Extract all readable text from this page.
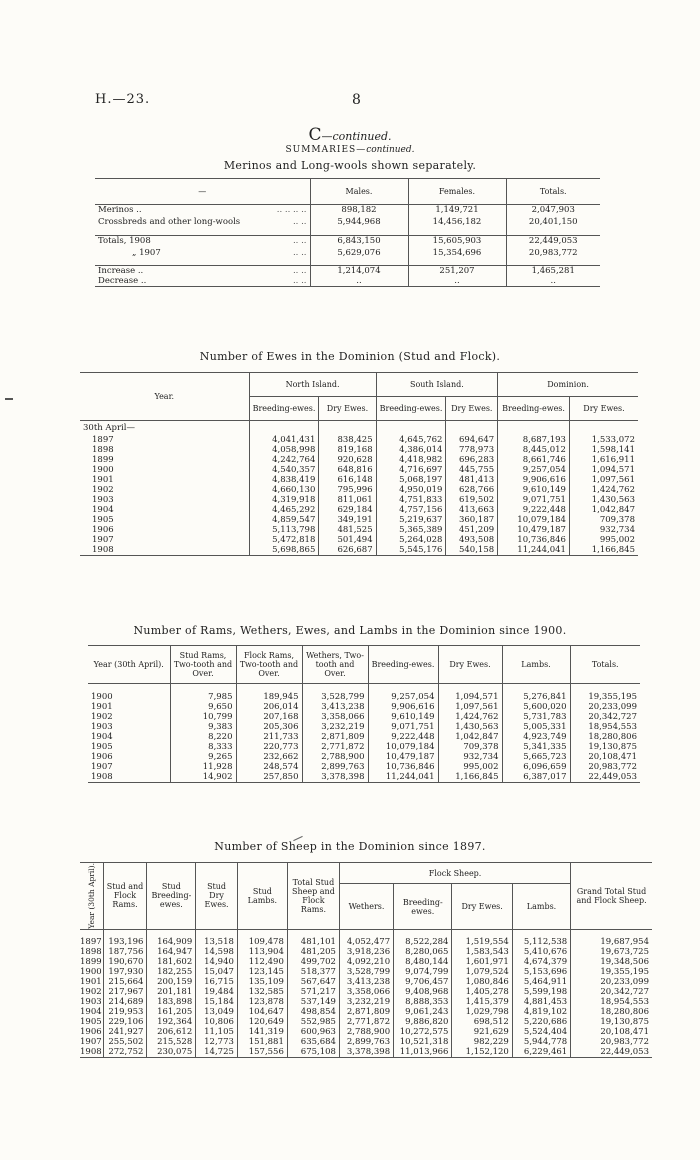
H.—23.	8
C—continued.
SUMMARIES—continued.
Merinos and Long-wools shown separately.
—	Males.	Females.	Totals.
Merinos .. .. .. .. ..	898,182	1,149,721	2,047,903
Crossbreds and other long-wools .. ..	5,944,968	14,456,182	20,401,150

Totals, 1908 .. ..	6,843,150	15,605,903	22,449,053
„ 1907 .. ..	5,629,076	15,354,696	20,983,772

Increase .. .. ..	1,214,074	251,207	1,465,281
Decrease .. .. ..	..	..	..
Number of Ewes in the Dominion (Stud and Flock).
Year.	North Island.		South Island.		Dominion.	
	Breeding-ewes.	Dry Ewes.	Breeding-ewes.	Dry Ewes.	Breeding-ewes.	Dry Ewes.
30th April—						
1897	4,041,431	838,425	4,645,762	694,647	8,687,193	1,533,072
1898	4,058,998	819,168	4,386,014	778,973	8,445,012	1,598,141
1899	4,242,764	920,628	4,418,982	696,283	8,661,746	1,616,911
1900	4,540,357	648,816	4,716,697	445,755	9,257,054	1,094,571
1901	4,838,419	616,148	5,068,197	481,413	9,906,616	1,097,561
1902	4,660,130	795,996	4,950,019	628,766	9,610,149	1,424,762
1903	4,319,918	811,061	4,751,833	619,502	9,071,751	1,430,563
1904	4,465,292	629,184	4,757,156	413,663	9,222,448	1,042,847
1905	4,859,547	349,191	5,219,637	360,187	10,079,184	709,378
1906	5,113,798	481,525	5,365,389	451,209	10,479,187	932,734
1907	5,472,818	501,494	5,264,028	493,508	10,736,846	995,002
1908	5,698,865	626,687	5,545,176	540,158	11,244,041	1,166,845
Number of Rams, Wethers, Ewes, and Lambs in the Dominion since 1900.
Year (30th April).	Stud Rams, Two-tooth and Over.	Flock Rams, Two-tooth and Over.	Wethers, Two-tooth and Over.	Breeding-ewes.	Dry Ewes.	Lambs.	Totals.

1900	7,985	189,945	3,528,799	9,257,054	1,094,571	5,276,841	19,355,195
1901	9,650	206,014	3,413,238	9,906,616	1,097,561	5,600,020	20,233,099
1902	10,799	207,168	3,358,066	9,610,149	1,424,762	5,731,783	20,342,727
1903	9,383	205,306	3,232,219	9,071,751	1,430,563	5,005,331	18,954,553
1904	8,220	211,733	2,871,809	9,222,448	1,042,847	4,923,749	18,280,806
1905	8,333	220,773	2,771,872	10,079,184	709,378	5,341,335	19,130,875
1906	9,265	232,662	2,788,900	10,479,187	932,734	5,665,723	20,108,471
1907	11,928	248,574	2,899,763	10,736,846	995,002	6,096,659	20,983,772
1908	14,902	257,850	3,378,398	11,244,041	1,166,845	6,387,017	22,449,053
Number of Sheep in the Dominion since 1897.
Year (30th April).	Stud and Flock Rams.	Stud Breeding-ewes.	Stud Dry Ewes.	Stud Lambs.	Total Stud Sheep and Flock Rams.	Flock Sheep.				Grand Total Stud and Flock Sheep.
						Wethers.	Breeding-ewes.	Dry Ewes.	Lambs.	

1897	193,196	164,909	13,518	109,478	481,101	4,052,477	8,522,284	1,519,554	5,112,538	19,687,954
1898	187,756	164,947	14,598	113,904	481,205	3,918,236	8,280,065	1,583,543	5,410,676	19,673,725
1899	190,670	181,602	14,940	112,490	499,702	4,092,210	8,480,144	1,601,971	4,674,379	19,348,506
1900	197,930	182,255	15,047	123,145	518,377	3,528,799	9,074,799	1,079,524	5,153,696	19,355,195
1901	215,664	200,159	16,715	135,109	567,647	3,413,238	9,706,457	1,080,846	5,464,911	20,233,099
1902	217,967	201,181	19,484	132,585	571,217	3,358,066	9,408,968	1,405,278	5,599,198	20,342,727
1903	214,689	183,898	15,184	123,878	537,149	3,232,219	8,888,353	1,415,379	4,881,453	18,954,553
1904	219,953	161,205	13,049	104,647	498,854	2,871,809	9,061,243	1,029,798	4,819,102	18,280,806
1905	229,106	192,364	10,806	120,649	552,985	2,771,872	9,886,820	698,512	5,220,686	19,130,875
1906	241,927	206,612	11,105	141,319	600,963	2,788,900	10,272,575	921,629	5,524,404	20,108,471
1907	255,502	215,528	12,773	151,881	635,684	2,899,763	10,521,318	982,229	5,944,778	20,983,772
1908	272,752	230,075	14,725	157,556	675,108	3,378,398	11,013,966	1,152,120	6,229,461	22,449,053
